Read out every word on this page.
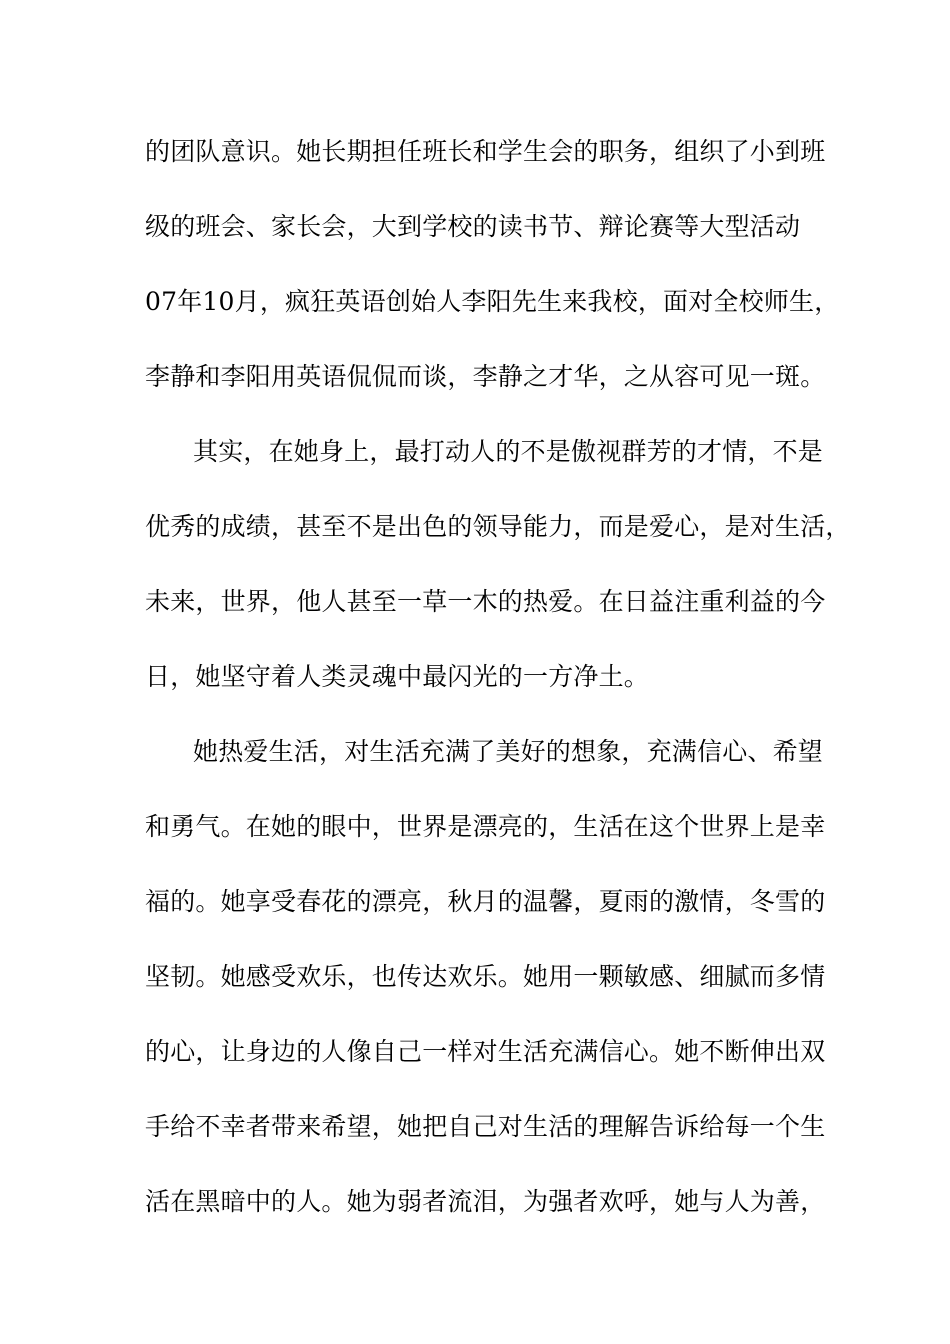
的团队意识。她长期担任班长和学生会的职务，组织了小到班
级的班会、家长会，大到学校的读书节、辩论赛等大型活动
07年10月，疯狂英语创始人李阳先生来我校，面对全校师生，
李静和李阳用英语侃侃而谈，李静之才华，之从容可见一斑。
其实，在她身上，最打动人的不是傲视群芳的才情，不是
优秀的成绩，甚至不是出色的领导能力，而是爱心，是对生活，
未来，世界，他人甚至一草一木的热爱。在日益注重利益的今
日，她坚守着人类灵魂中最闪光的一方净土。
她热爱生活，对生活充满了美好的想象，充满信心、希望
和勇气。在她的眼中，世界是漂亮的，生活在这个世界上是幸
福的。她享受春花的漂亮，秋月的温馨，夏雨的激情，冬雪的
坚韧。她感受欢乐，也传达欢乐。她用一颗敏感、细腻而多情
的心，让身边的人像自己一样对生活充满信心。她不断伸出双
手给不幸者带来希望，她把自己对生活的理解告诉给每一个生
活在黑暗中的人。她为弱者流泪，为强者欢呼，她与人为善，
